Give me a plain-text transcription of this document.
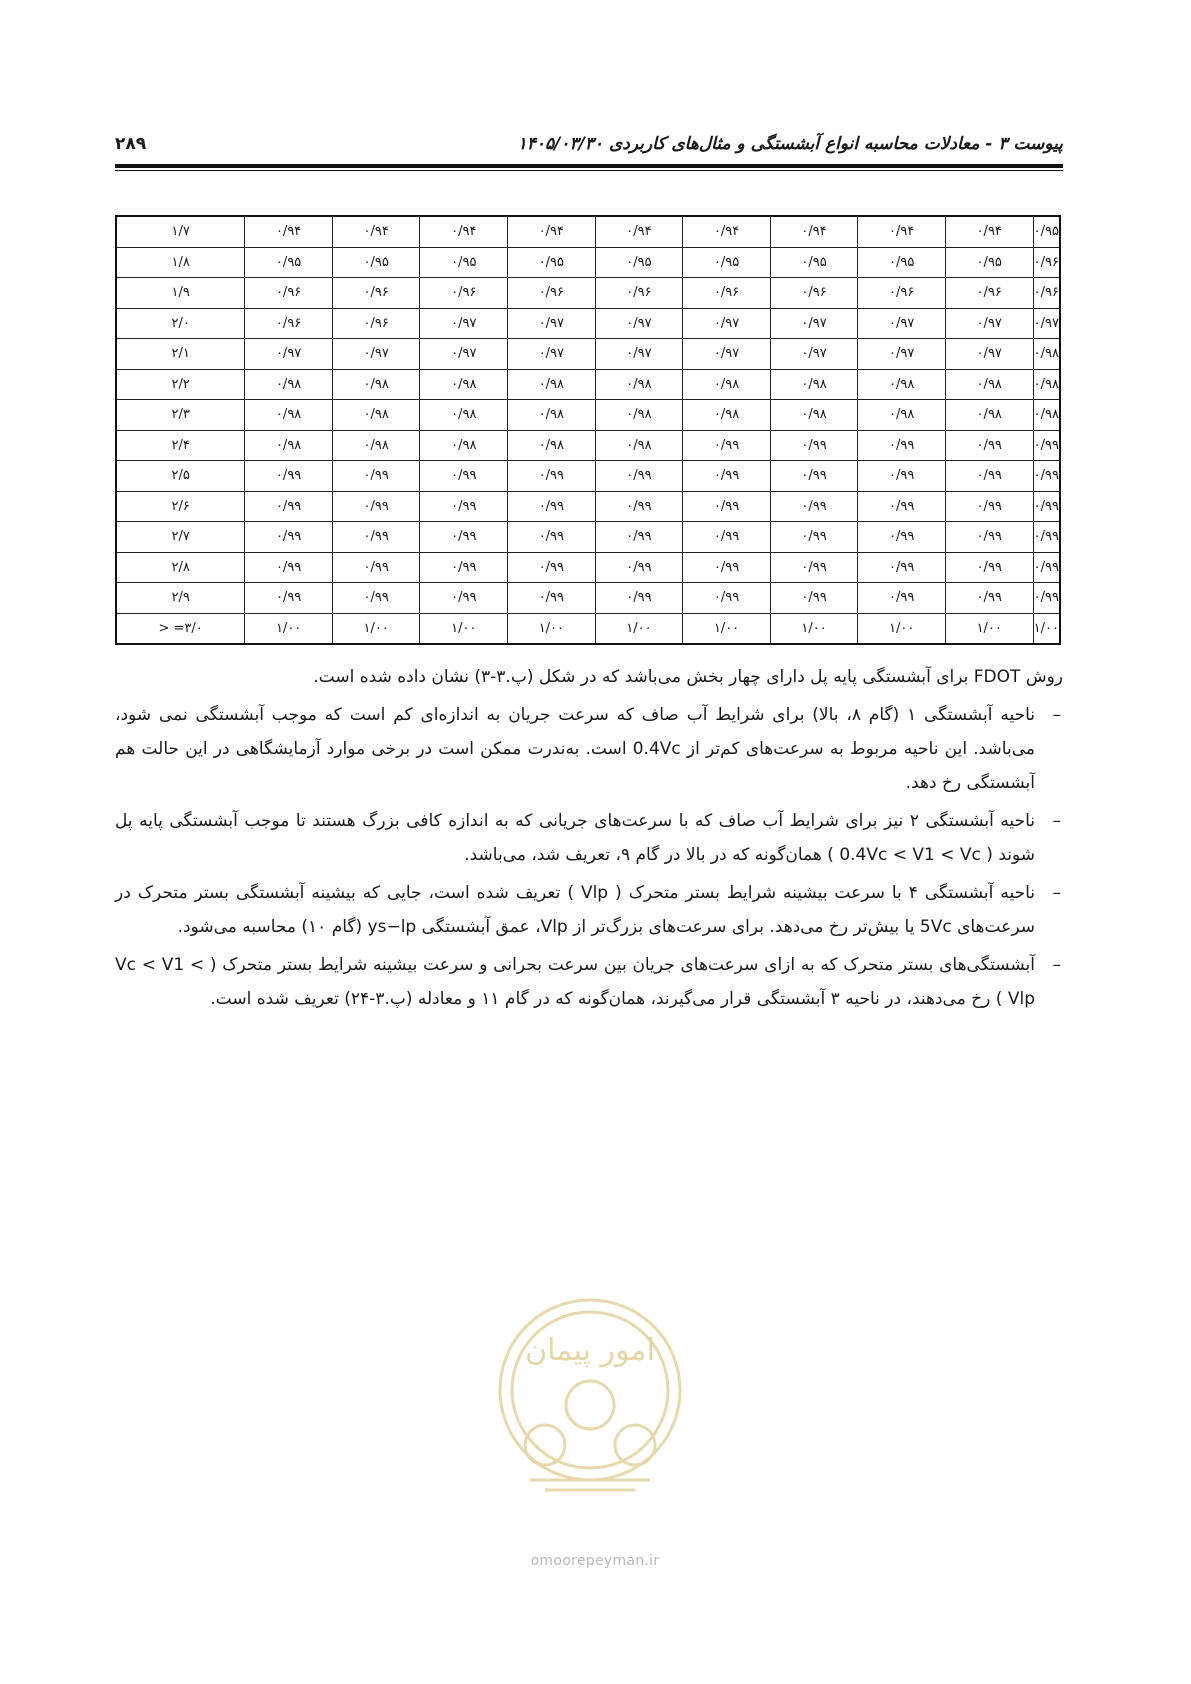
پیوست ۳ - معادلات محاسبه انواع آبشستگی و مثال‌های کاربردی ۱۴۰۵/۰۳/۳۰
۲۸۹
۱/۷	۰/۹۴	۰/۹۴	۰/۹۴	۰/۹۴	۰/۹۴	۰/۹۴	۰/۹۴	۰/۹۴	۰/۹۴	۰/۹۵
۱/۸	۰/۹۵	۰/۹۵	۰/۹۵	۰/۹۵	۰/۹۵	۰/۹۵	۰/۹۵	۰/۹۵	۰/۹۵	۰/۹۶
۱/۹	۰/۹۶	۰/۹۶	۰/۹۶	۰/۹۶	۰/۹۶	۰/۹۶	۰/۹۶	۰/۹۶	۰/۹۶	۰/۹۶
۲/۰	۰/۹۶	۰/۹۶	۰/۹۷	۰/۹۷	۰/۹۷	۰/۹۷	۰/۹۷	۰/۹۷	۰/۹۷	۰/۹۷
۲/۱	۰/۹۷	۰/۹۷	۰/۹۷	۰/۹۷	۰/۹۷	۰/۹۷	۰/۹۷	۰/۹۷	۰/۹۷	۰/۹۸
۲/۲	۰/۹۸	۰/۹۸	۰/۹۸	۰/۹۸	۰/۹۸	۰/۹۸	۰/۹۸	۰/۹۸	۰/۹۸	۰/۹۸
۲/۳	۰/۹۸	۰/۹۸	۰/۹۸	۰/۹۸	۰/۹۸	۰/۹۸	۰/۹۸	۰/۹۸	۰/۹۸	۰/۹۸
۲/۴	۰/۹۸	۰/۹۸	۰/۹۸	۰/۹۸	۰/۹۸	۰/۹۹	۰/۹۹	۰/۹۹	۰/۹۹	۰/۹۹
۲/۵	۰/۹۹	۰/۹۹	۰/۹۹	۰/۹۹	۰/۹۹	۰/۹۹	۰/۹۹	۰/۹۹	۰/۹۹	۰/۹۹
۲/۶	۰/۹۹	۰/۹۹	۰/۹۹	۰/۹۹	۰/۹۹	۰/۹۹	۰/۹۹	۰/۹۹	۰/۹۹	۰/۹۹
۲/۷	۰/۹۹	۰/۹۹	۰/۹۹	۰/۹۹	۰/۹۹	۰/۹۹	۰/۹۹	۰/۹۹	۰/۹۹	۰/۹۹
۲/۸	۰/۹۹	۰/۹۹	۰/۹۹	۰/۹۹	۰/۹۹	۰/۹۹	۰/۹۹	۰/۹۹	۰/۹۹	۰/۹۹
۲/۹	۰/۹۹	۰/۹۹	۰/۹۹	۰/۹۹	۰/۹۹	۰/۹۹	۰/۹۹	۰/۹۹	۰/۹۹	۰/۹۹
> =۳/۰	۱/۰۰	۱/۰۰	۱/۰۰	۱/۰۰	۱/۰۰	۱/۰۰	۱/۰۰	۱/۰۰	۱/۰۰	۱/۰۰

روش FDOT برای آبشستگی پایه پل دارای چهار بخش می‌باشد که در شکل (پ.۳-۳) نشان داده شده است.

–
ناحیه آبشستگی ۱ (گام ۸، بالا) برای شرایط آب صاف که سرعت جریان به اندازه‌ای کم است که موجب آبشستگی نمی شود، می‌باشد. این ناحیه مربوط به سرعت‌های کم‌تر از 0.4Vc است. به‌ندرت ممکن است در برخی موارد آزمایشگاهی در این حالت هم آبشستگی رخ دهد.
–
ناحیه آبشستگی ۲ نیز برای شرایط آب صاف که با سرعت‌های جریانی که به اندازه کافی بزرگ هستند تا موجب آبشستگی پایه پل شوند ( 0.4Vc < V1 < Vc ) همان‌گونه که در بالا در گام ۹، تعریف شد، می‌باشد.
–
ناحیه آبشستگی ۴ با سرعت بیشینه شرایط بستر متحرک ( Vlp ) تعریف شده است، جایی که بیشینه آبشستگی بستر متحرک در سرعت‌های 5Vc یا بیش‌تر رخ می‌دهد. برای سرعت‌های بزرگ‌تر از Vlp، عمق آبشستگی ys−lp (گام ۱۰) محاسبه می‌شود.
–
آبشستگی‌های بستر متحرک که به ازای سرعت‌های جریان بین سرعت بحرانی و سرعت بیشینه شرایط بستر متحرک ( Vc < V1 < Vlp ) رخ می‌دهند، در ناحیه ۳ آبشستگی قرار می‌گیرند، همان‌گونه که در گام ۱۱ و معادله (پ.۳-۲۴) تعریف شده است.
امور پیمان
omoorepeyman.ir
